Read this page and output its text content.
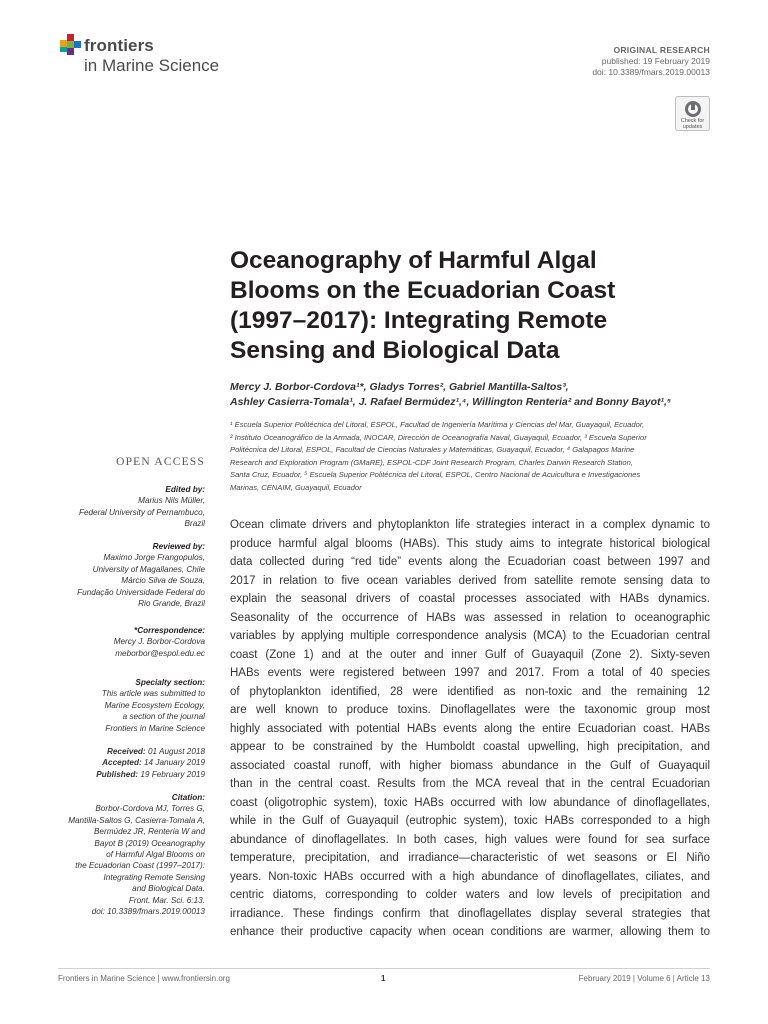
frontiers
in Marine Science
ORIGINAL RESEARCH
published: 19 February 2019
doi: 10.3389/fmars.2019.00013
Check for
updates
Oceanography of Harmful Algal
Blooms on the Ecuadorian Coast
(1997–2017): Integrating Remote
Sensing and Biological Data
Mercy J. Borbor-Cordova¹*, Gladys Torres², Gabriel Mantilla-Saltos³,
Ashley Casierra-Tomala¹, J. Rafael Bermúdez¹,⁴, Willington Renteria² and Bonny Bayot¹,⁵
¹ Escuela Superior Politécnica del Litoral, ESPOL, Facultad de Ingeniería Marítima y Ciencias del Mar, Guayaquil, Ecuador,
² Instituto Oceanográfico de la Armada, INOCAR, Dirección de Oceanografía Naval, Guayaquil, Ecuador, ³ Escuela Superior
Politécnica del Litoral, ESPOL, Facultad de Ciencias Naturales y Matemáticas, Guayaquil, Ecuador, ⁴ Galapagos Marine
Research and Exploration Program (GMaRE), ESPOL-CDF Joint Research Program, Charles Darwin Research Station,
Santa Cruz, Ecuador, ⁵ Escuela Superior Politécnica del Litoral, ESPOL, Centro Nacional de Acuicultura e Investigaciones
Marinas, CENAIM, Guayaquil, Ecuador
OPEN ACCESS
Edited by:
Marius Nils Müller,
Federal University of Pernambuco,
Brazil
Reviewed by:
Maximo Jorge Frangopulos,
University of Magallanes, Chile
Márcio Silva de Souza,
Fundação Universidade Federal do
Rio Grande, Brazil
*Correspondence:
Mercy J. Borbor-Cordova
meborbor@espol.edu.ec
Specialty section:
This article was submitted to
Marine Ecosystem Ecology,
a section of the journal
Frontiers in Marine Science
Received: 01 August 2018
Accepted: 14 January 2019
Published: 19 February 2019
Citation:
Borbor-Cordova MJ, Torres G,
Mantilla-Saltos G, Casierra-Tomala A,
Bermúdez JR, Renteria W and
Bayot B (2019) Oceanography
of Harmful Algal Blooms on
the Ecuadorian Coast (1997–2017):
Integrating Remote Sensing
and Biological Data.
Front. Mar. Sci. 6:13.
doi: 10.3389/fmars.2019.00013
Ocean climate drivers and phytoplankton life strategies interact in a complex dynamic to
produce harmful algal blooms (HABs). This study aims to integrate historical biological
data collected during “red tide” events along the Ecuadorian coast between 1997 and
2017 in relation to five ocean variables derived from satellite remote sensing data to
explain the seasonal drivers of coastal processes associated with HABs dynamics.
Seasonality of the occurrence of HABs was assessed in relation to oceanographic
variables by applying multiple correspondence analysis (MCA) to the Ecuadorian central
coast (Zone 1) and at the outer and inner Gulf of Guayaquil (Zone 2). Sixty-seven
HABs events were registered between 1997 and 2017. From a total of 40 species
of phytoplankton identified, 28 were identified as non-toxic and the remaining 12
are well known to produce toxins. Dinoflagellates were the taxonomic group most
highly associated with potential HABs events along the entire Ecuadorian coast. HABs
appear to be constrained by the Humboldt coastal upwelling, high precipitation, and
associated coastal runoff, with higher biomass abundance in the Gulf of Guayaquil
than in the central coast. Results from the MCA reveal that in the central Ecuadorian
coast (oligotrophic system), toxic HABs occurred with low abundance of dinoflagellates,
while in the Gulf of Guayaquil (eutrophic system), toxic HABs corresponded to a high
abundance of dinoflagellates. In both cases, high values were found for sea surface
temperature, precipitation, and irradiance—characteristic of wet seasons or El Niño
years. Non-toxic HABs occurred with a high abundance of dinoflagellates, ciliates, and
centric diatoms, corresponding to colder waters and low levels of precipitation and
irradiance. These findings confirm that dinoflagellates display several strategies that
enhance their productive capacity when ocean conditions are warmer, allowing them to
Frontiers in Marine Science | www.frontiersin.org	1	February 2019 | Volume 6 | Article 13
